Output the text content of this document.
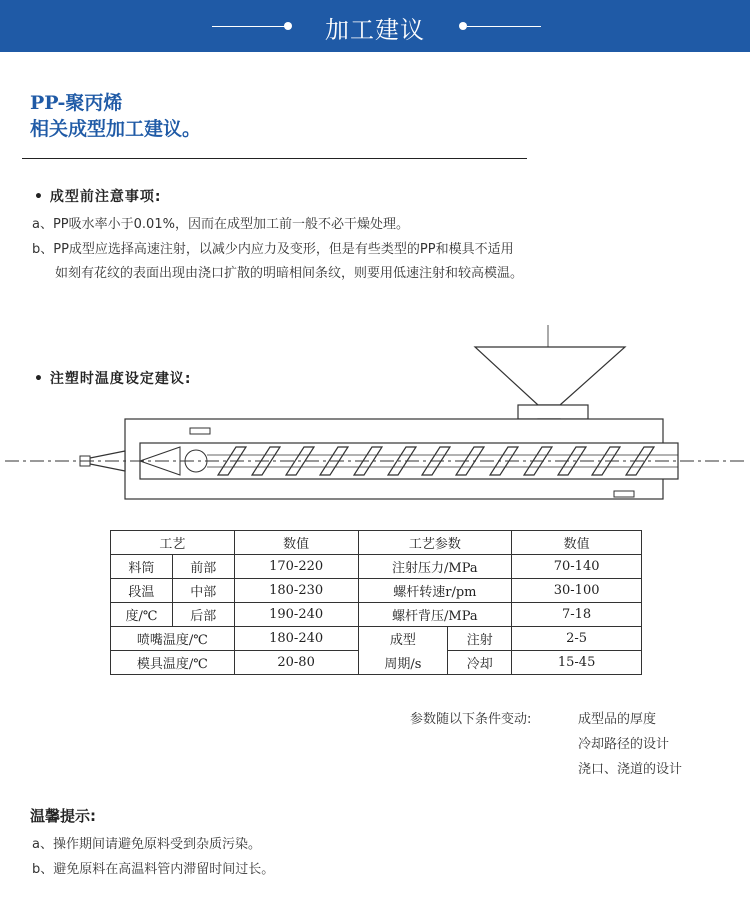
加工建议
PP-聚丙烯
相关成型加工建议。
• 成型前注意事项:
a、PP吸水率小于0.01%，因而在成型加工前一般不必干燥处理。
b、PP成型应选择高速注射，以减少内应力及变形，但是有些类型的PP和模具不适用
如刻有花纹的表面出现由浇口扩散的明暗相间条纹，则要用低速注射和较高模温。
• 注塑时温度设定建议:
工艺		数值	工艺参数		数值
料筒	前部	170-220	注射压力/MPa		70-140
段温	中部	180-230	螺杆转速r/pm		30-100
度/℃	后部	190-240	螺杆背压/MPa		7-18
喷嘴温度/℃		180-240	成型	注射	2-5
模具温度/℃		20-80	周期/s	冷却	15-45
参数随以下条件变动:	成型品的厚度
冷却路径的设计
浇口、浇道的设计
温馨提示:
a、操作期间请避免原料受到杂质污染。
b、避免原料在高温料管内滞留时间过长。
